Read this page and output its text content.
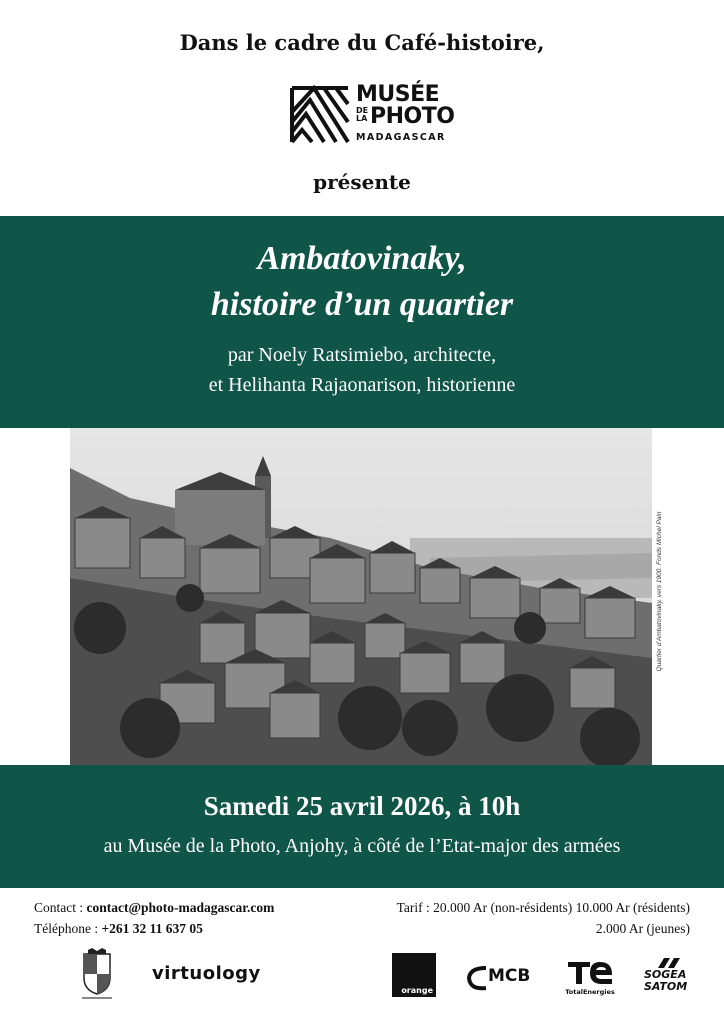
Dans le cadre du Café-histoire,
MUSÉE
DE
LA PHOTO
MADAGASCAR
présente
Ambatovinaky,
histoire d’un quartier
par Noely Ratsimiebo, architecte,
et Helihanta Rajaonarison, historienne
Quartier d’Ambatovinaky, vers 1900. Fonds Michel Pain
Samedi 25 avril 2026, à 10h
au Musée de la Photo, Anjohy, à côté de l’Etat-major des armées
Contact : contact@photo-madagascar.com
Téléphone : +261 32 11 637 05
Tarif : 20.000 Ar (non-résidents) 10.000 Ar (résidents)
2.000 Ar (jeunes)
virtuology
orange
MCB
TotalEnergies
SOGEA
SATOM
